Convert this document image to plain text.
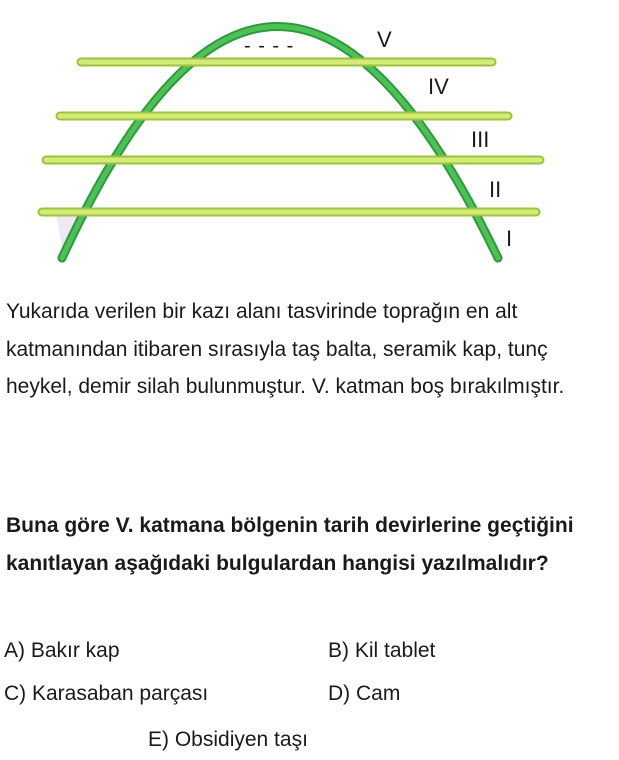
- - - -	V
IV
III
II
I
Yukarıda verilen bir kazı alanı tasvirinde toprağın en alt katmanından itibaren sırasıyla taş balta, seramik kap, tunç heykel, demir silah bulunmuştur. V. katman boş bırakılmıştır.
Buna göre V. katmana bölgenin tarih devirlerine geçtiğini kanıtlayan aşağıdaki bulgulardan hangisi yazılmalıdır?
A) Bakır kap	B) Kil tablet
C) Karasaban parçası	D) Cam
E) Obsidiyen taşı
